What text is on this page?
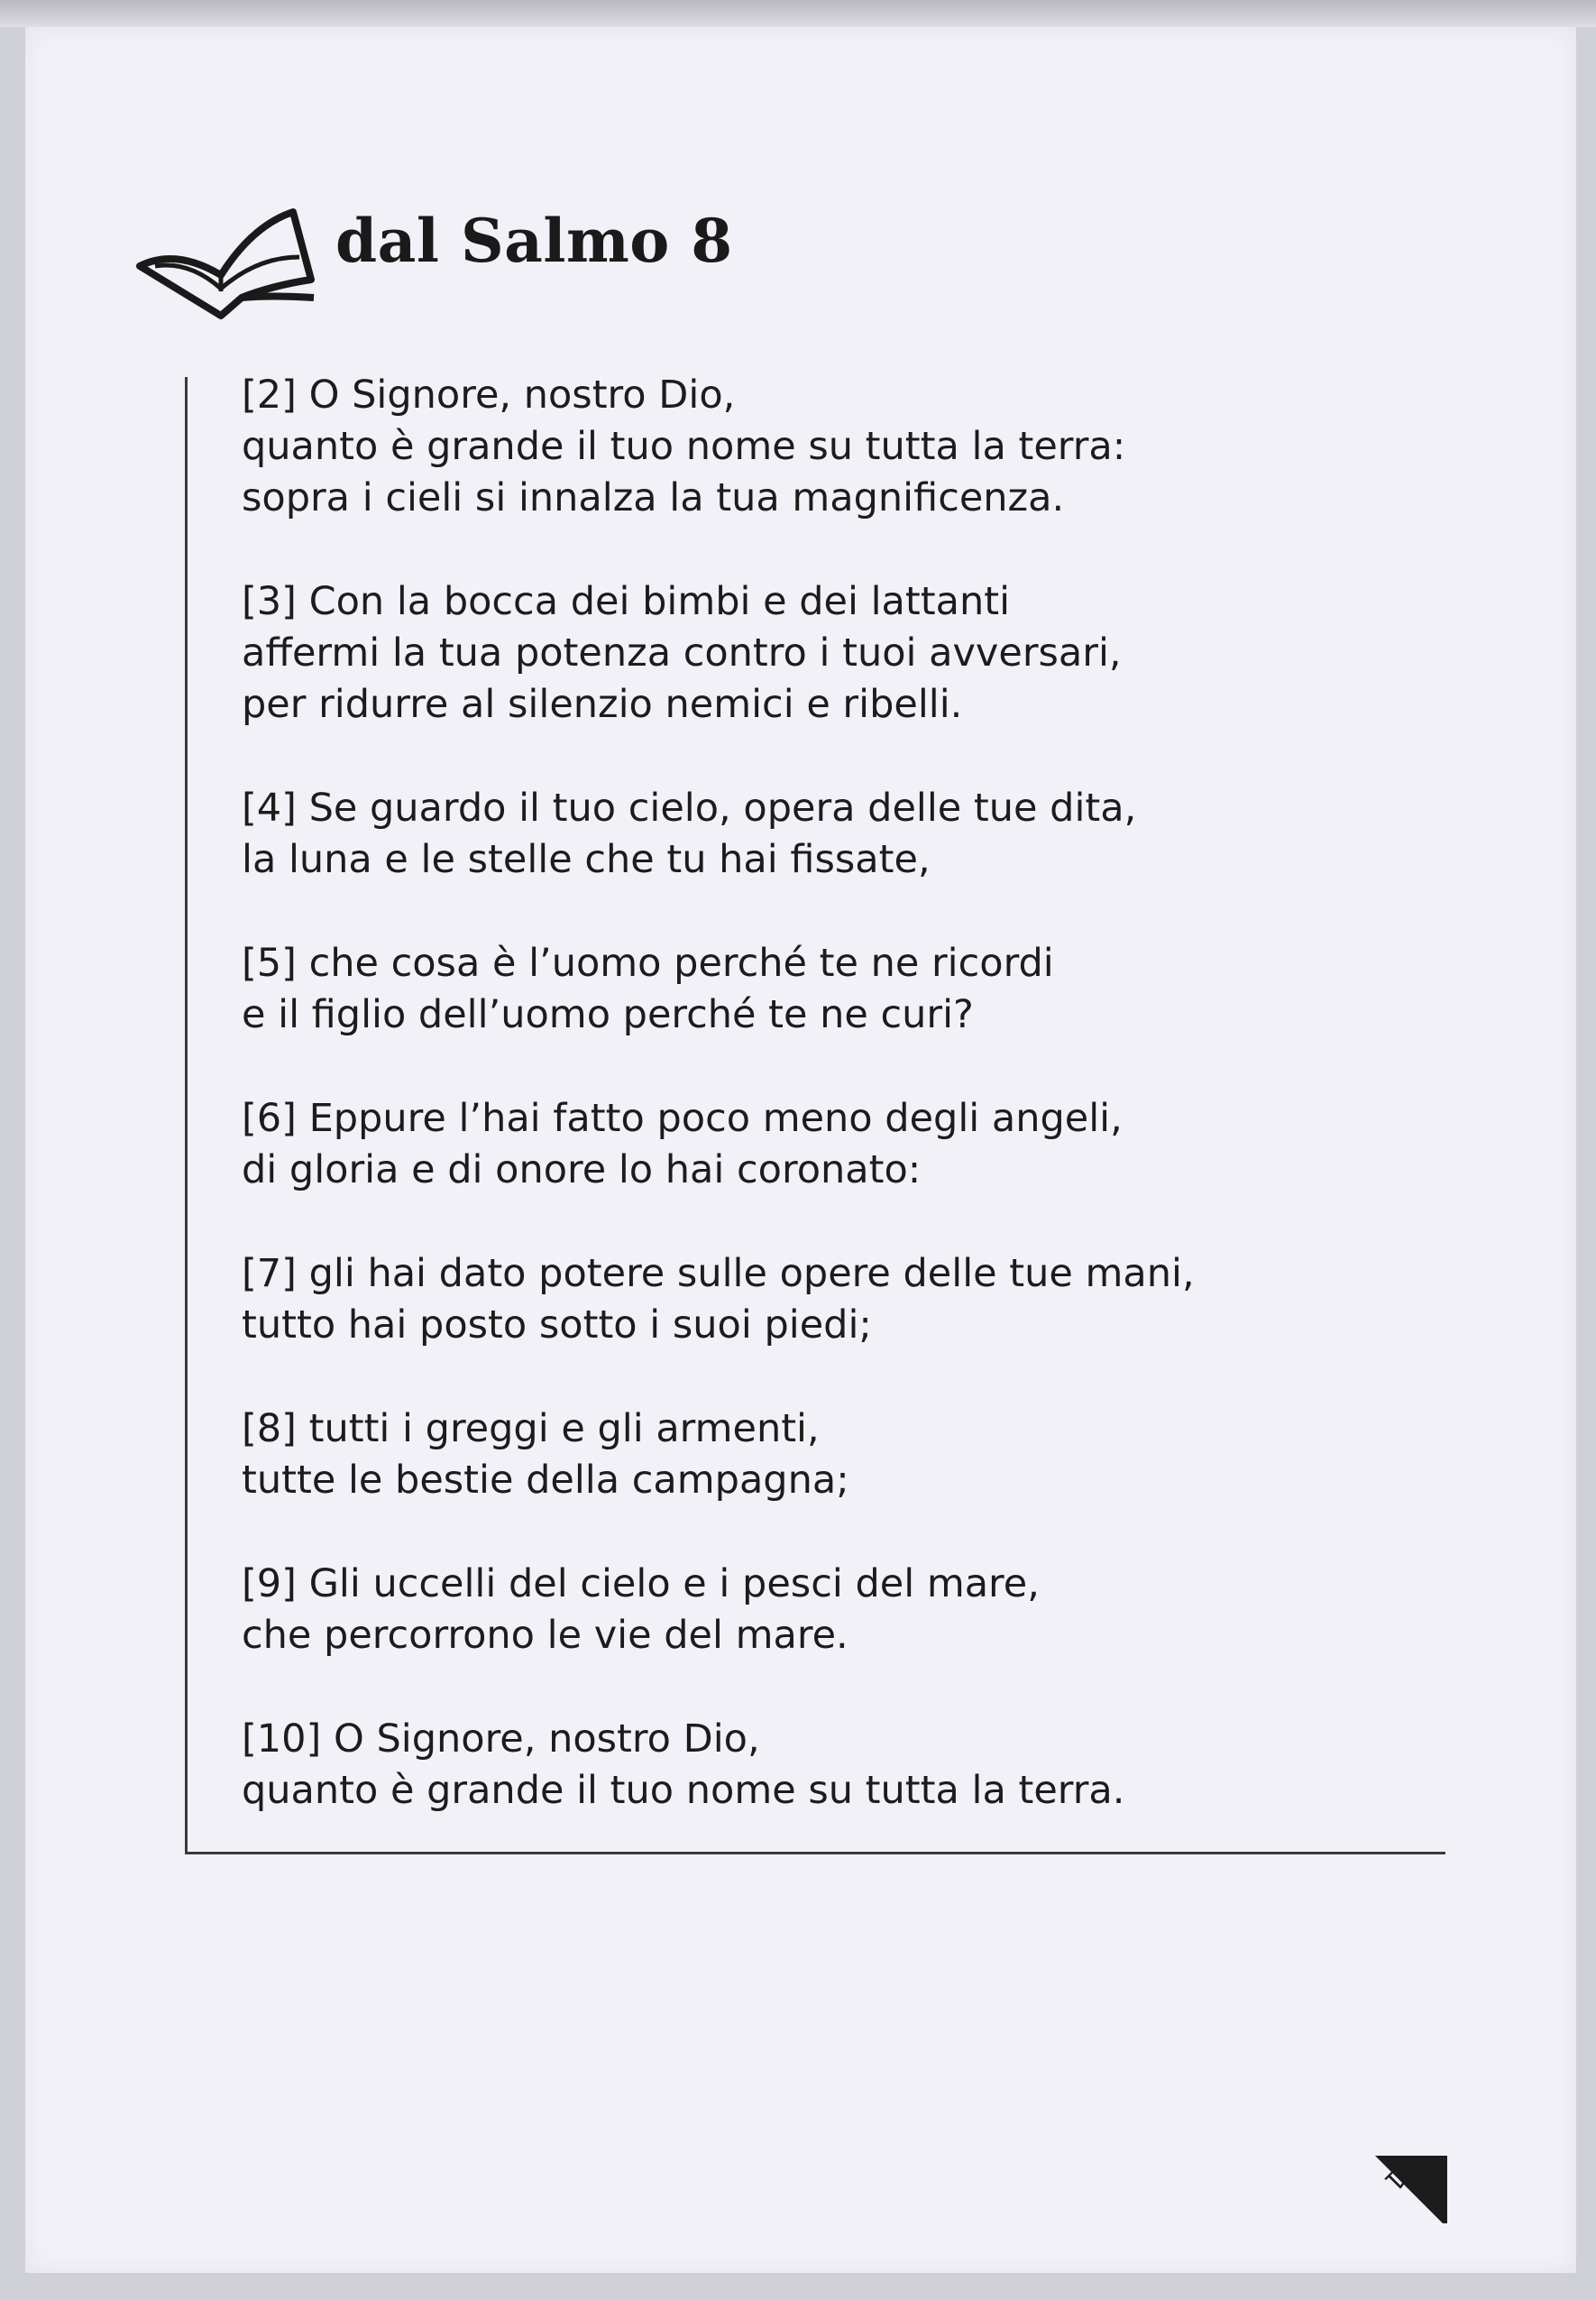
dal Salmo 8
[2] O Signore, nostro Dio,
quanto è grande il tuo nome su tutta la terra:
sopra i cieli si innalza la tua magnificenza.
[3] Con la bocca dei bimbi e dei lattanti
affermi la tua potenza contro i tuoi avversari,
per ridurre al silenzio nemici e ribelli.
[4] Se guardo il tuo cielo, opera delle tue dita,
la luna e le stelle che tu hai fissate,
[5] che cosa è l’uomo perché te ne ricordi
e il figlio dell’uomo perché te ne curi?
[6] Eppure l’hai fatto poco meno degli angeli,
di gloria e di onore lo hai coronato:
[7] gli hai dato potere sulle opere delle tue mani,
tutto hai posto sotto i suoi piedi;
[8] tutti i greggi e gli armenti,
tutte le bestie della campagna;
[9] Gli uccelli del cielo e i pesci del mare,
che percorrono le vie del mare.
[10] O Signore, nostro Dio,
quanto è grande il tuo nome su tutta la terra.
91
